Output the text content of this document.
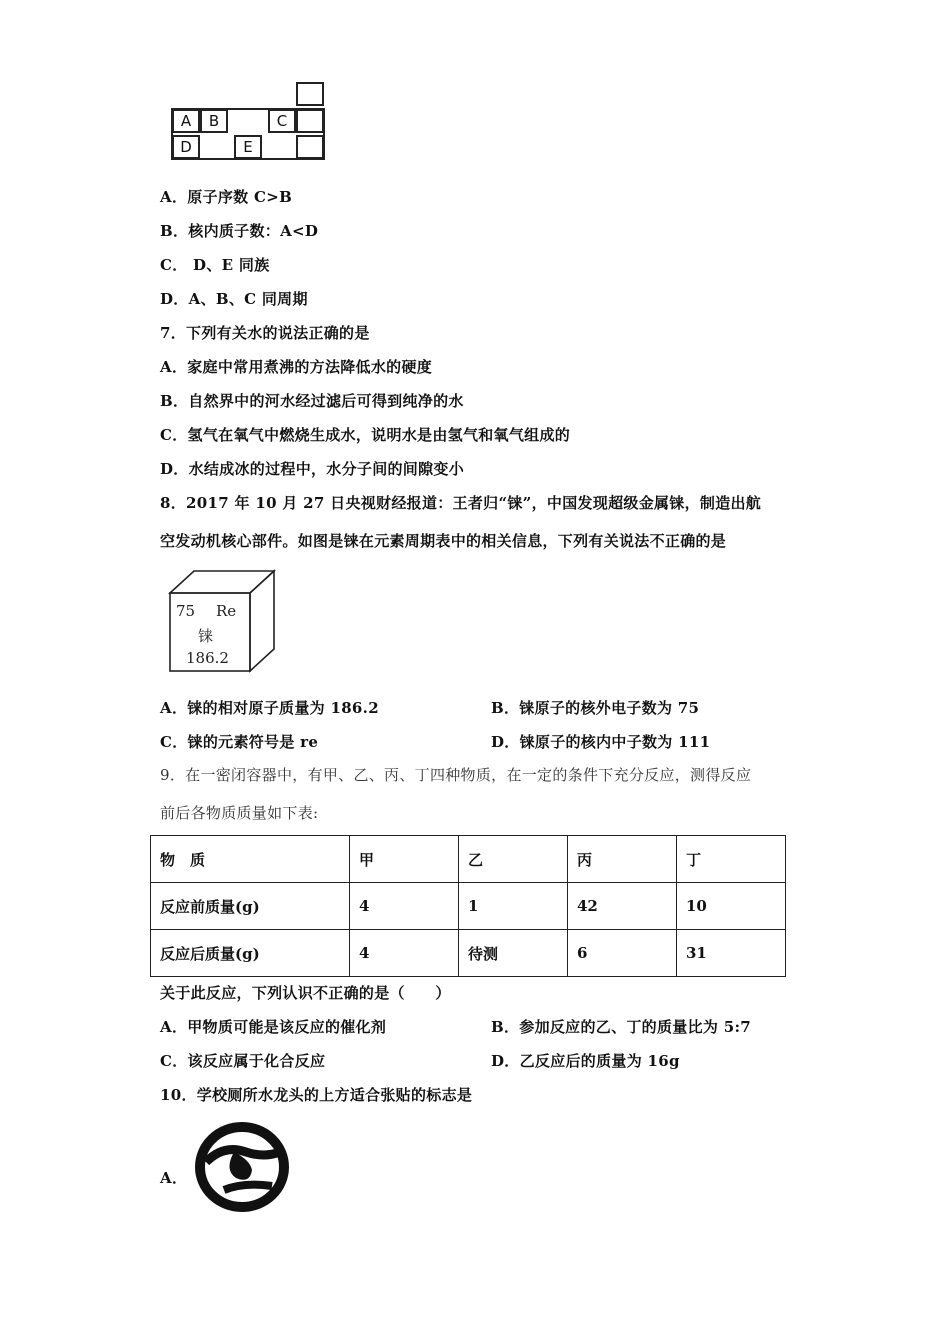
A	B	C
D	E
A．原子序数 C>B
B．核内质子数：A<D
C． D、E 同族
D．A、B、C 同周期
7．下列有关水的说法正确的是
A．家庭中常用煮沸的方法降低水的硬度
B．自然界中的河水经过滤后可得到纯净的水
C．氢气在氧气中燃烧生成水，说明水是由氢气和氧气组成的
D．水结成冰的过程中，水分子间的间隙变小
8．2017 年 10 月 27 日央视财经报道：王者归“铼”，中国发现超级金属铼，制造出航
空发动机核心部件。如图是铼在元素周期表中的相关信息，下列有关说法不正确的是
75 Re
铼
186.2
A．铼的相对原子质量为 186.2	B．铼原子的核外电子数为 75
C．铼的元素符号是 re	D．铼原子的核内中子数为 111
9．在一密闭容器中，有甲、乙、丙、丁四种物质，在一定的条件下充分反应，测得反应
前后各物质质量如下表:
物　质	甲	乙	丙	丁
反应前质量(g)	4	1	42	10
反应后质量(g)	4	待测	6	31
关于此反应，下列认识不正确的是（　　）
A．甲物质可能是该反应的催化剂	B．参加反应的乙、丁的质量比为 5:7
C．该反应属于化合反应	D．乙反应后的质量为 16g
10．学校厕所水龙头的上方适合张贴的标志是
A．
